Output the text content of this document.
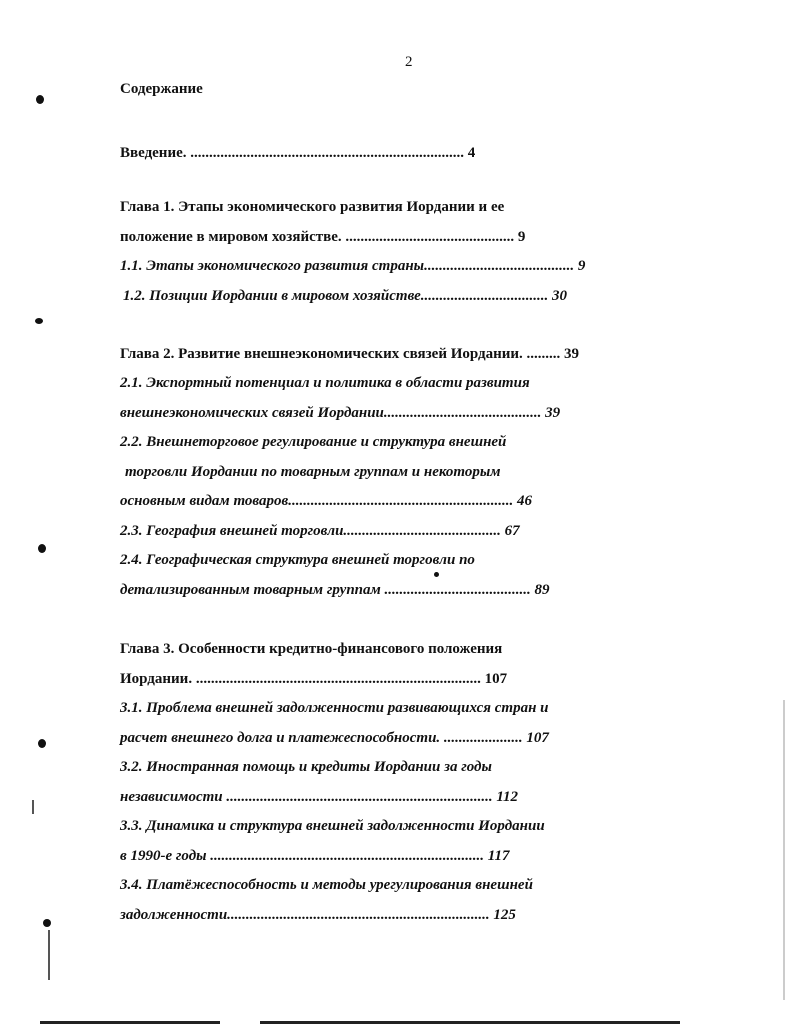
2
Содержание
Введение. ......................................................................... 4
Глава 1. Этапы экономического развития Иордании и ее
положение в мировом хозяйстве. ............................................. 9
1.1. Этапы экономического развития страны........................................ 9
1.2. Позиции Иордании в мировом хозяйстве.................................. 30
Глава 2. Развитие внешнеэкономических связей Иордании. ......... 39
2.1. Экспортный потенциал и политика в области развития
внешнеэкономических связей Иордании.......................................... 39
2.2. Внешнеторговое регулирование и структура внешней
торговли Иордании по товарным группам и некоторым
основным видам товаров............................................................ 46
2.3. География внешней торговли.......................................... 67
2.4. Географическая структура внешней торговли по
детализированным товарным группам ....................................... 89
Глава 3. Особенности кредитно-финансового положения
Иордании. ............................................................................ 107
3.1. Проблема внешней задолженности развивающихся стран и
расчет внешнего долга и платежеспособности. ..................... 107
3.2. Иностранная помощь и кредиты Иордании за годы
независимости ....................................................................... 112
3.3. Динамика и структура внешней задолженности Иордании
в 1990-е годы ......................................................................... 117
3.4. Платёжеспособность и методы урегулирования внешней
задолженности...................................................................... 125
